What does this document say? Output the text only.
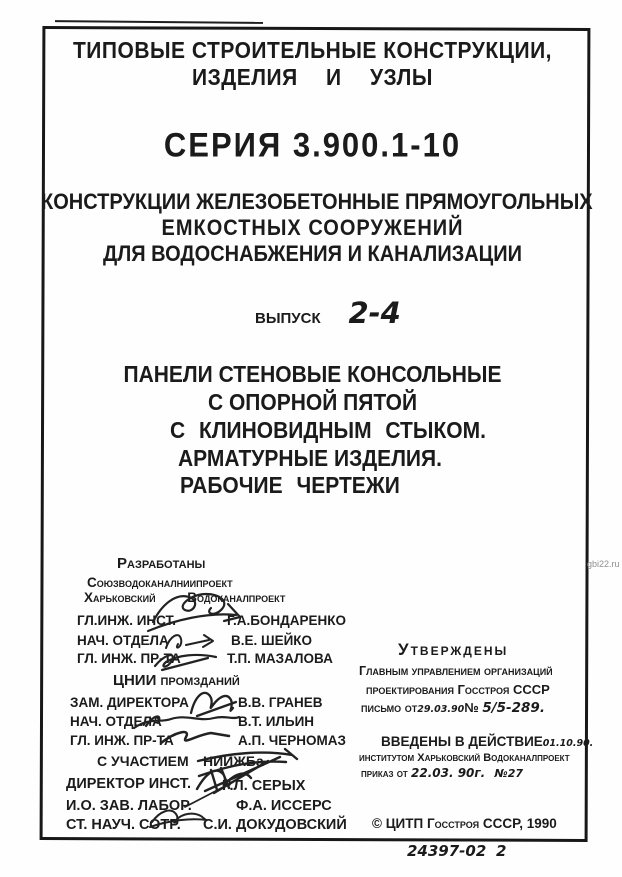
gbi22.ru
ТИПОВЫЕ СТРОИТЕЛЬНЫЕ КОНСТРУКЦИИ,
ИЗДЕЛИЯ И УЗЛЫ
СЕРИЯ 3.900.1-10
КОНСТРУКЦИИ ЖЕЛЕЗОБЕТОННЫЕ ПРЯМОУГОЛЬНЫХ
ЕМКОСТНЫХ СООРУЖЕНИЙ
ДЛЯ ВОДОСНАБЖЕНИЯ И КАНАЛИЗАЦИИ
выпуск 2-4
ПАНЕЛИ СТЕНОВЫЕ КОНСОЛЬНЫЕ
С ОПОРНОЙ ПЯТОЙ
С КЛИНОВИДНЫМ СТЫКОМ.
АРМАТУРНЫЕ ИЗДЕЛИЯ.
РАБОЧИЕ ЧЕРТЕЖИ
Разработаны
Союзводоканалниипроект
Харьковский Водоканалпроект
ГЛ.ИНЖ. ИНСТ.	Г.А.БОНДАРЕНКО
НАЧ. ОТДЕЛА	В.Е. ШЕЙКО
ГЛ. ИНЖ. ПР-ТА	Т.П. МАЗАЛОВА
ЦНИИ промзданий
ЗАМ. ДИРЕКТОРА	В.В. ГРАНЕВ
НАЧ. ОТДЕЛА	В.Т. ИЛЬИН
ГЛ. ИНЖ. ПР-ТА	А.П. ЧЕРНОМАЗ
С УЧАСТИЕМ НИИЖБа
ДИРЕКТОР ИНСТ. Р.Л. СЕРЫХ
И.О. ЗАВ. ЛАБОР.	Ф.А. ИССЕРС
СТ. НАУЧ. СОТР. С.И. ДОКУДОВСКИЙ
Утверждены
Главным управлением организаций
проектирования Госстроя СССР
письмо от29.03.90№ 5/5-289.
ВВЕДЕНЫ В ДЕЙСТВИЕ01.10.90.
институтом Харьковский Водоканалпроект
приказ от 22.03. 90г. №27
© ЦИТП Госстроя СССР, 1990
24397-02 2
